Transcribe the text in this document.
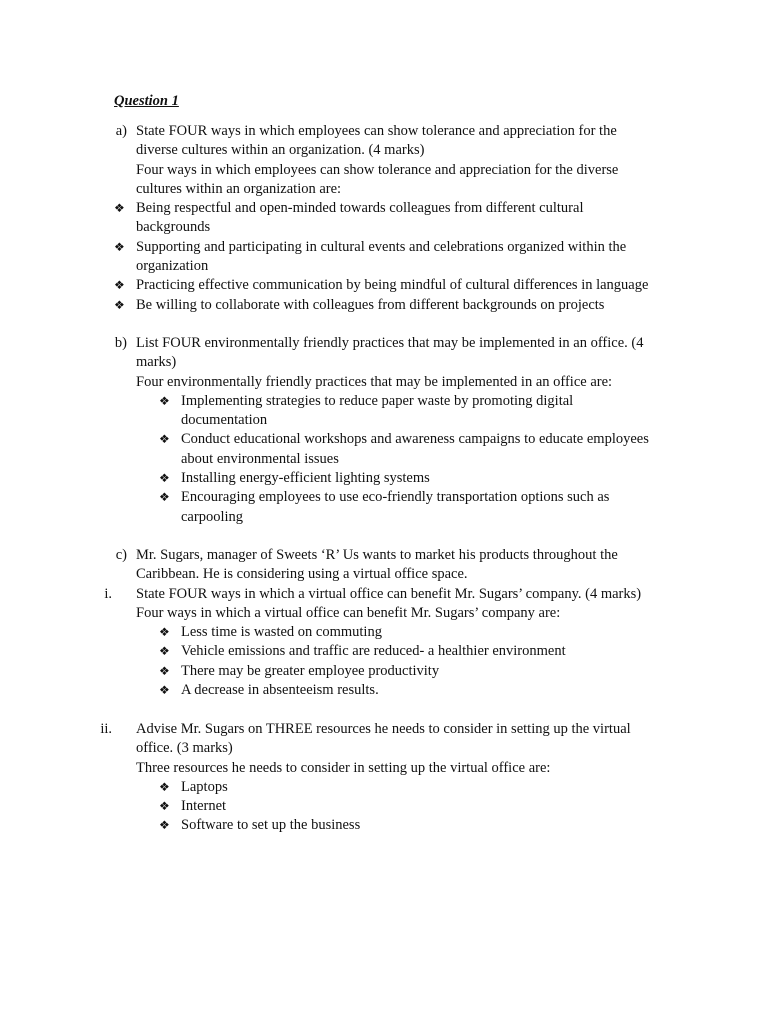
Question 1
a) State FOUR ways in which employees can show tolerance and appreciation for the
diverse cultures within an organization. (4 marks)
Four ways in which employees can show tolerance and appreciation for the diverse
cultures within an organization are:
❖ Being respectful and open-minded towards colleagues from different cultural
backgrounds
❖ Supporting and participating in cultural events and celebrations organized within the
organization
❖ Practicing effective communication by being mindful of cultural differences in language
❖ Be willing to collaborate with colleagues from different backgrounds on projects
b) List FOUR environmentally friendly practices that may be implemented in an office. (4
marks)
Four environmentally friendly practices that may be implemented in an office are:
❖ Implementing strategies to reduce paper waste by promoting digital
documentation
❖ Conduct educational workshops and awareness campaigns to educate employees
about environmental issues
❖ Installing energy-efficient lighting systems
❖ Encouraging employees to use eco-friendly transportation options such as
carpooling
c) Mr. Sugars, manager of Sweets ‘R’ Us wants to market his products throughout the
Caribbean. He is considering using a virtual office space.
i. State FOUR ways in which a virtual office can benefit Mr. Sugars’ company. (4 marks)
Four ways in which a virtual office can benefit Mr. Sugars’ company are:
❖ Less time is wasted on commuting
❖ Vehicle emissions and traffic are reduced- a healthier environment
❖ There may be greater employee productivity
❖ A decrease in absenteeism results.
ii. Advise Mr. Sugars on THREE resources he needs to consider in setting up the virtual
office. (3 marks)
Three resources he needs to consider in setting up the virtual office are:
❖ Laptops
❖ Internet
❖ Software to set up the business
